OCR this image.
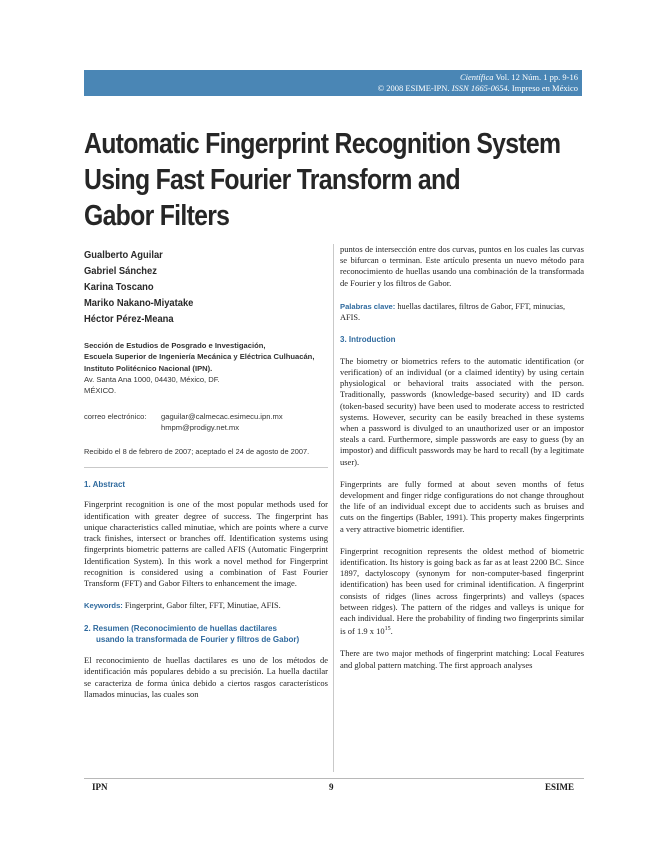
Científica Vol. 12 Núm. 1 pp. 9-16
© 2008 ESIME-IPN. ISSN 1665-0654. Impreso en México
Automatic Fingerprint Recognition System
Using Fast Fourier Transform and
Gabor Filters
Gualberto Aguilar
Gabriel Sánchez
Karina Toscano
Mariko Nakano-Miyatake
Héctor Pérez-Meana
Sección de Estudios de Posgrado e Investigación,
Escuela Superior de Ingeniería Mecánica y Eléctrica Culhuacán,
Instituto Politécnico Nacional (IPN).
Av. Santa Ana 1000, 04430, México, DF.
MÉXICO.
correo electrónico:	gaguilar@calmecac.esimecu.ipn.mx
hmpm@prodigy.net.mx
Recibido el 8 de febrero de 2007; aceptado el 24 de agosto de 2007.
1. Abstract
Fingerprint recognition is one of the most popular methods used for identification with greater degree of success. The fingerprint has unique characteristics called minutiae, which are points where a curve track finishes, intersect or branches off. Identification systems using fingerprints biometric patterns are called AFIS (Automatic Fingerprint Identification System). In this work a novel method for Fingerprint recognition is considered using a combination of Fast Fourier Transform (FFT) and Gabor Filters to enhancement the image.
Keywords: Fingerprint, Gabor filter, FFT, Minutiae, AFIS.
2. Resumen (Reconocimiento de huellas dactilares
usando la transformada de Fourier y filtros de Gabor)
El reconocimiento de huellas dactilares es uno de los métodos de identificación más populares debido a su precisión. La huella dactilar se caracteriza de forma única debido a ciertos rasgos característicos llamados minucias, las cuales son
puntos de intersección entre dos curvas, puntos en los cuales las curvas se bifurcan o terminan. Este artículo presenta un nuevo método para reconocimiento de huellas usando una combinación de la transformada de Fourier y los filtros de Gabor.
Palabras clave: huellas dactilares, filtros de Gabor, FFT, minucias, AFIS.
3. Introduction
The biometry or biometrics refers to the automatic identification (or verification) of an individual (or a claimed identity) by using certain physiological or behavioral traits associated with the person. Traditionally, passwords (knowledge-based security) and ID cards (token-based security) have been used to moderate access to restricted systems. However, security can be easily breached in these systems when a password is divulged to an unauthorized user or an impostor steals a card. Furthermore, simple passwords are easy to guess (by an impostor) and difficult passwords may be hard to recall (by a legitimate user).
Fingerprints are fully formed at about seven months of fetus development and finger ridge configurations do not change throughout the life of an individual except due to accidents such as bruises and cuts on the fingertips (Babler, 1991). This property makes fingerprints a very attractive biometric identifier.
Fingerprint recognition represents the oldest method of biometric identification. Its history is going back as far as at least 2200 BC. Since 1897, dactyloscopy (synonym for non-computer-based fingerprint identification) has been used for criminal identification. A fingerprint consists of ridges (lines across fingerprints) and valleys (spaces between ridges). The pattern of the ridges and valleys is unique for each individual. Here the probability of finding two fingerprints similar is of 1.9 x $10^{15}$.
There are two major methods of fingerprint matching: Local Features and global pattern matching. The first approach analyses
IPN	9	ESIME
